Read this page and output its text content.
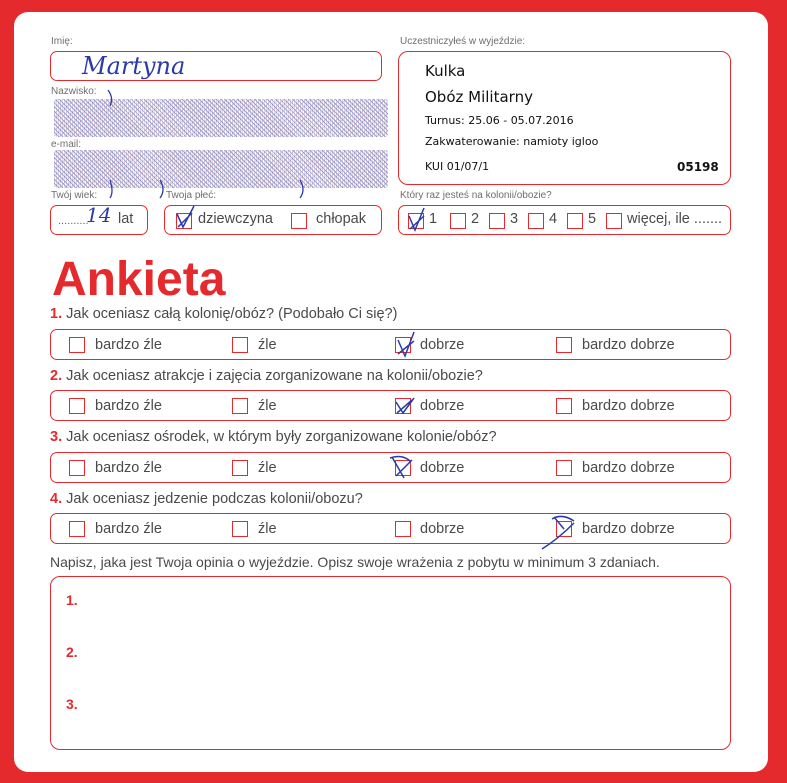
Imię:
Martyna
Nazwisko:
e-mail:
Twój wiek:
..........
14 lat
Twoja płeć:
dziewczyna	chłopak
Uczestniczyłeś w wyjeździe:
Kulka
Obóz Militarny
Turnus: 25.06 - 05.07.2016
Zakwaterowanie: namioty igloo
KUI 01/07/1	05198
Który raz jesteś na kolonii/obozie?
1 2 3 4 5 więcej, ile .......
Ankieta
1. Jak oceniasz całą kolonię/obóz? (Podobało Ci się?)
bardzo źle	źle	dobrze	bardzo dobrze
2. Jak oceniasz atrakcje i zajęcia zorganizowane na kolonii/obozie?
bardzo źle	źle	dobrze	bardzo dobrze
3. Jak oceniasz ośrodek, w którym były zorganizowane kolonie/obóz?
bardzo źle	źle	dobrze	bardzo dobrze
4. Jak oceniasz jedzenie podczas kolonii/obozu?
bardzo źle	źle	dobrze	bardzo dobrze
Napisz, jaka jest Twoja opinia o wyjeździe. Opisz swoje wrażenia z pobytu w minimum 3 zdaniach.
1.
2.
3.
